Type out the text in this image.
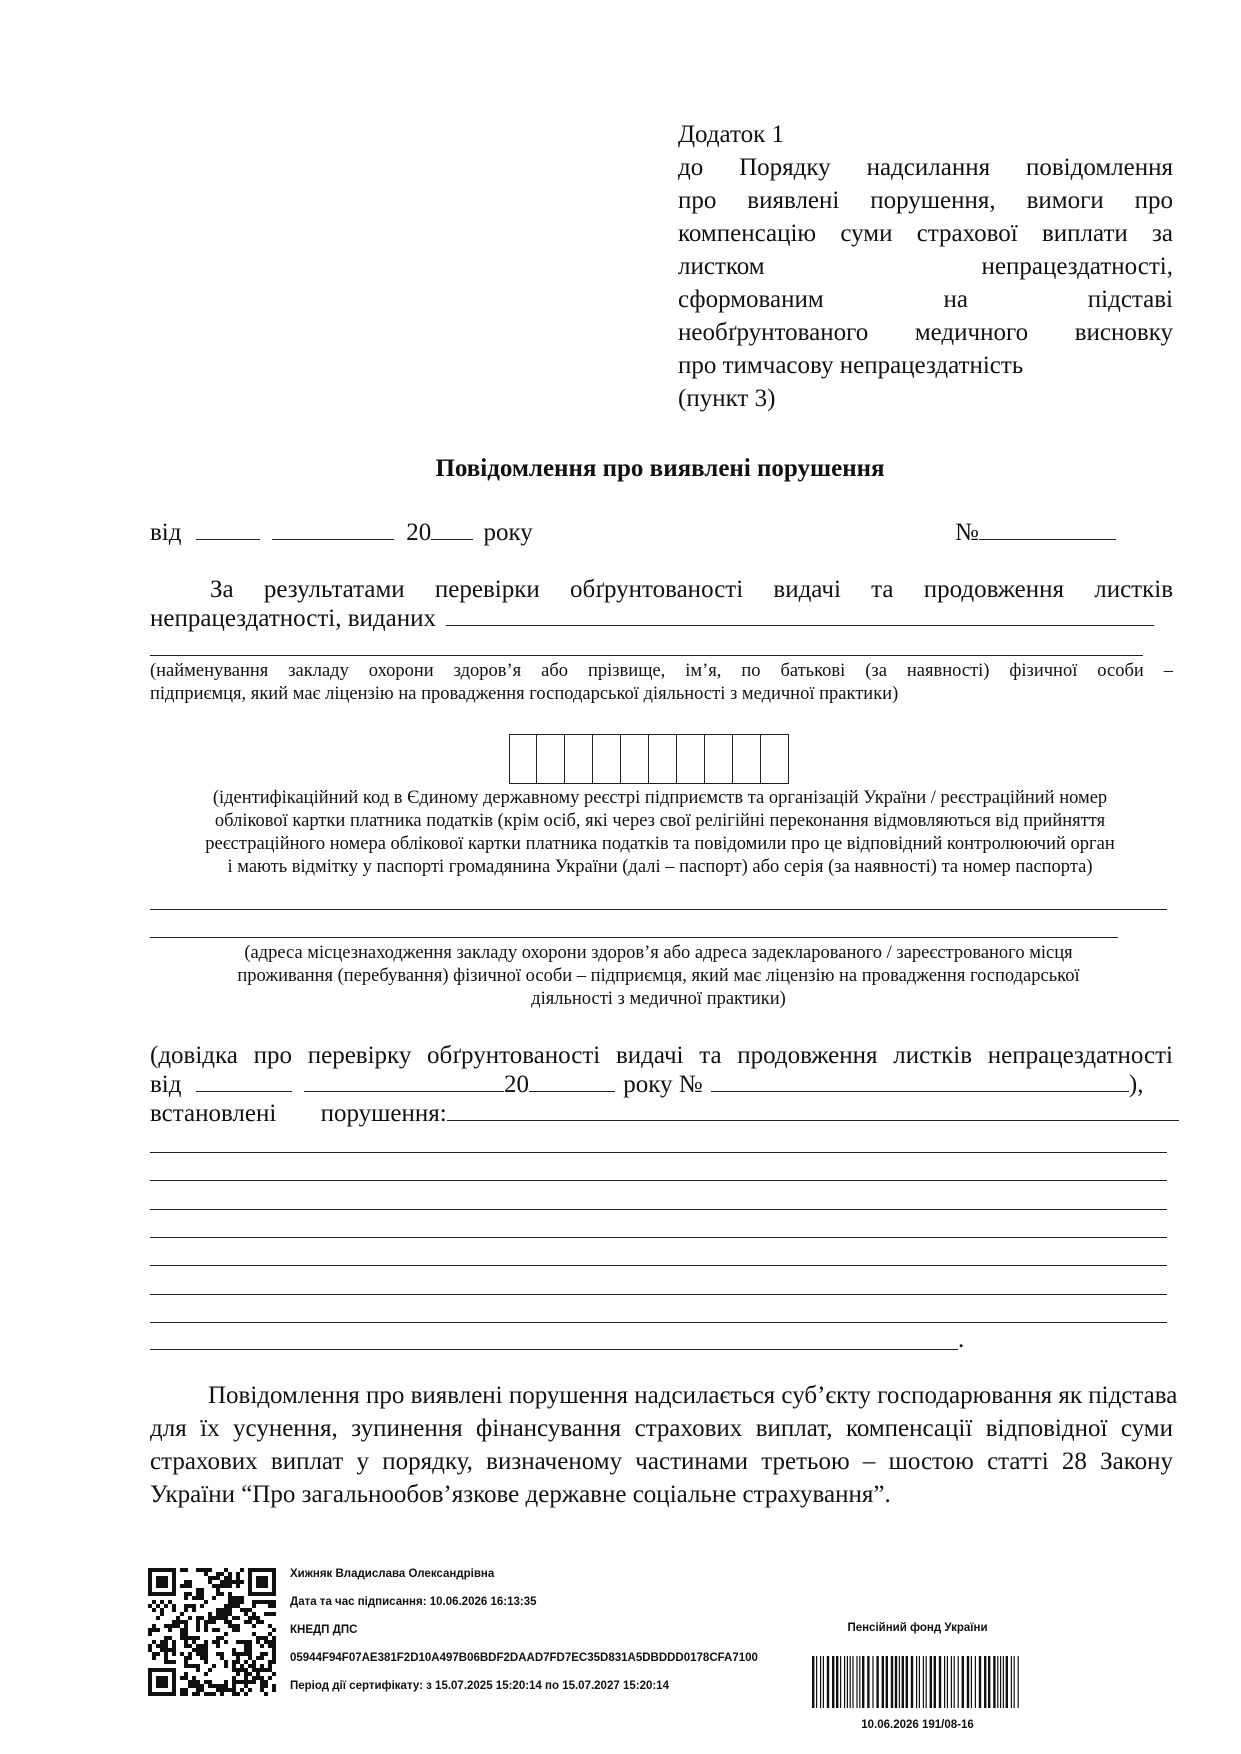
Додаток 1
до Порядку надсилання повідомлення
про виявлені порушення, вимоги про
компенсацію суми страхової виплати за
листком непрацездатності,
сформованим на підставі
необґрунтованого медичного висновку
про тимчасову непрацездатність
(пункт 3)
Повідомлення про виявлені порушення
від	20 року	№
За результатами перевірки обґрунтованості видачі та продовження листків
непрацездатності, виданих
(найменування закладу охорони здоров’я або прізвище, ім’я, по батькові (за наявності) фізичної особи –
підприємця, який має ліцензію на провадження господарської діяльності з медичної практики)
(ідентифікаційний код в Єдиному державному реєстрі підприємств та організацій України / реєстраційний номер
облікової картки платника податків (крім осіб, які через свої релігійні переконання відмовляються від прийняття
реєстраційного номера облікової картки платника податків та повідомили про це відповідний контролюючий орган
і мають відмітку у паспорті громадянина України (далі – паспорт) або серія (за наявності) та номер паспорта)
(адреса місцезнаходження закладу охорони здоров’я або адреса задекларованого / зареєстрованого місця
проживання (перебування) фізичної особи – підприємця, який має ліцензію на провадження господарської
діяльності з медичної практики)
(довідка про перевірку обґрунтованості видачі та продовження листків непрацездатності
від	20	року №	),
встановлені порушення:
.
Повідомлення про виявлені порушення надсилається суб’єкту господарювання як підстава
для їх усунення, зупинення фінансування страхових виплат, компенсації відповідної суми
страхових виплат у порядку, визначеному частинами третьою – шостою статті 28 Закону
України “Про загальнообов’язкове державне соціальне страхування”.
Хижняк Владислава Олександрівна
Дата та час підписання: 10.06.2026 16:13:35
КНЕДП ДПС
05944F94F07AE381F2D10A497B06BDF2DAAD7FD7EC35D831A5DBDDD0178CFA7100
Період дії сертифікату: з 15.07.2025 15:20:14 по 15.07.2027 15:20:14
Пенсійний фонд України
10.06.2026 191/08-16
